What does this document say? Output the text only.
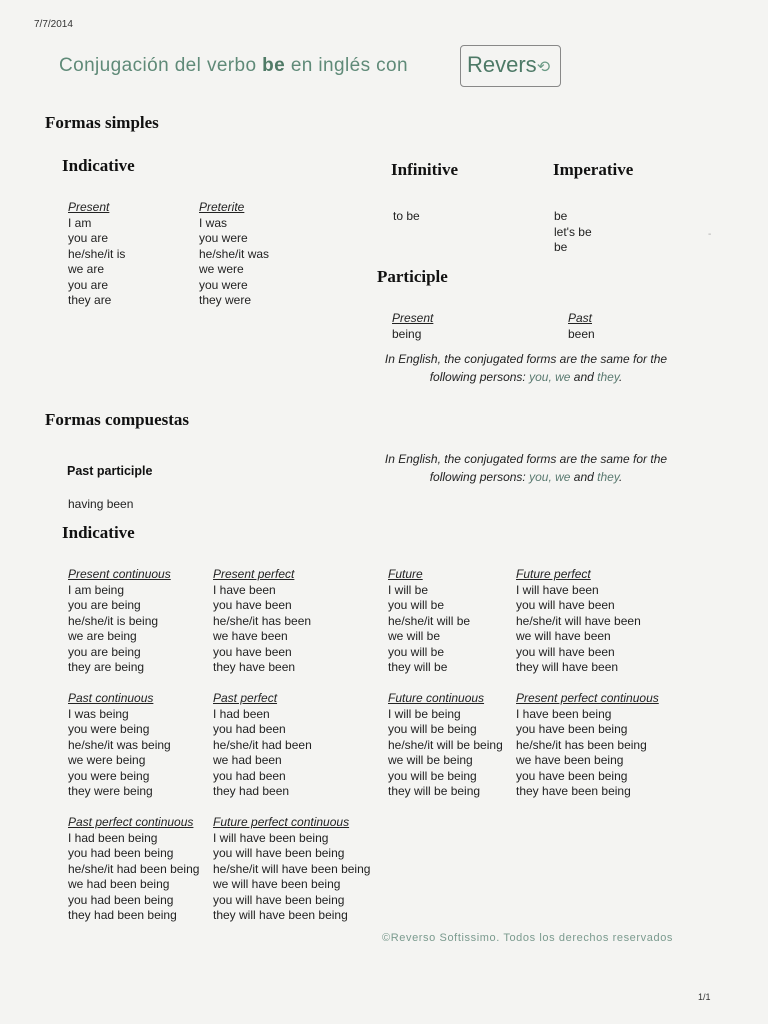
7/7/2014
Conjugación del verbo be en inglés con	Revers⟲
Formas simples
Indicative
Present
I am
you are
he/she/it is
we are
you are
they are
Preterite
I was
you were
he/she/it was
we were
you were
they were
Infinitive
to be
Imperative
be
let's be
be
-
Participle
Present
being
Past
been
In English, the conjugated forms are the same for the
following persons: you, we and they.
Formas compuestas
In English, the conjugated forms are the same for the
following persons: you, we and they.
Past participle
having been
Indicative
Present continuous
I am being
you are being
he/she/it is being
we are being
you are being
they are being
Present perfect
I have been
you have been
he/she/it has been
we have been
you have been
they have been
Future
I will be
you will be
he/she/it will be
we will be
you will be
they will be
Future perfect
I will have been
you will have been
he/she/it will have been
we will have been
you will have been
they will have been
Past continuous
I was being
you were being
he/she/it was being
we were being
you were being
they were being
Past perfect
I had been
you had been
he/she/it had been
we had been
you had been
they had been
Future continuous
I will be being
you will be being
he/she/it will be being
we will be being
you will be being
they will be being
Present perfect continuous
I have been being
you have been being
he/she/it has been being
we have been being
you have been being
they have been being
Past perfect continuous
I had been being
you had been being
he/she/it had been being
we had been being
you had been being
they had been being
Future perfect continuous
I will have been being
you will have been being
he/she/it will have been being
we will have been being
you will have been being
they will have been being
©Reverso Softissimo. Todos los derechos reservados
1/1
